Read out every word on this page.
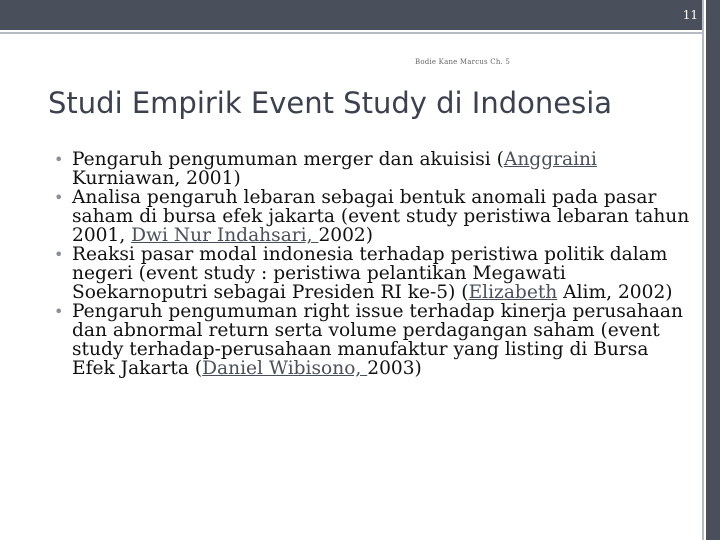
11
Bodie Kane Marcus Ch. 5
Studi Empirik Event Study di Indonesia
• Pengaruh pengumuman merger dan akuisisi (Anggraini Kurniawan, 2001)
• Analisa pengaruh lebaran sebagai bentuk anomali pada pasar saham di bursa efek jakarta (event study peristiwa lebaran tahun 2001, Dwi Nur Indahsari, 2002)
• Reaksi pasar modal indonesia terhadap peristiwa politik dalam negeri (event study : peristiwa pelantikan Megawati Soekarnoputri sebagai Presiden RI ke-5) (Elizabeth Alim, 2002)
• Pengaruh pengumuman right issue terhadap kinerja perusahaan dan abnormal return serta volume perdagangan saham (event study terhadap-perusahaan manufaktur yang listing di Bursa Efek Jakarta (Daniel Wibisono, 2003)
